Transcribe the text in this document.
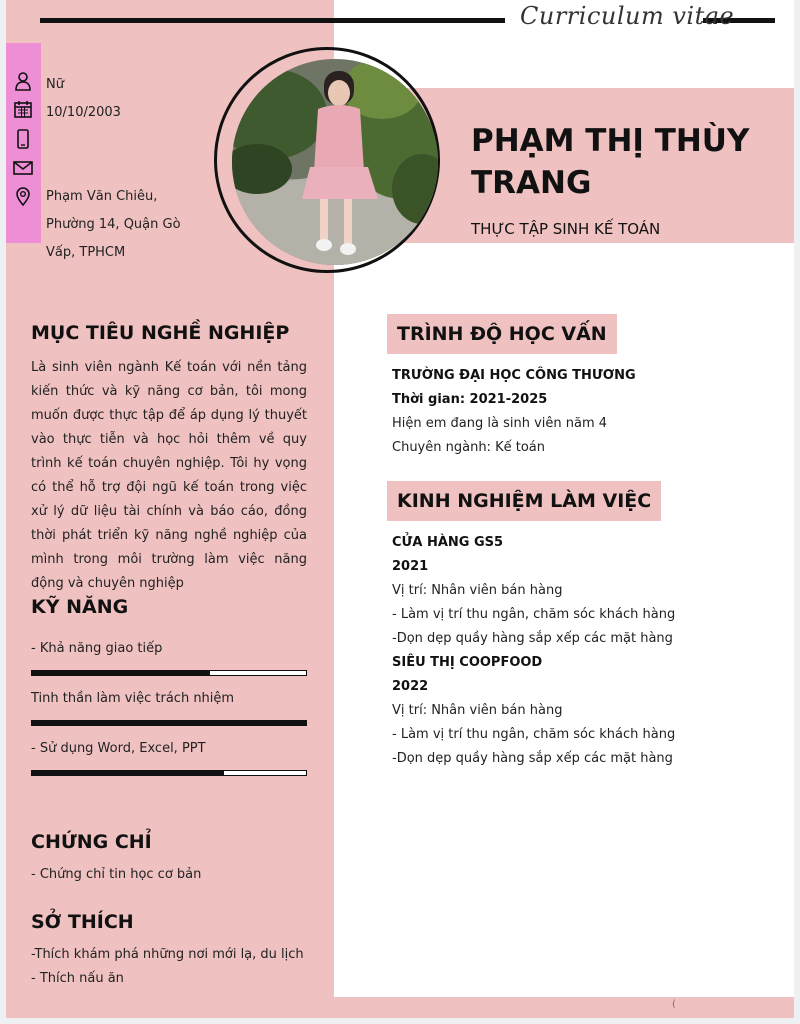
(
Curriculum vitae
Nữ
10/10/2003
Phạm Văn Chiêu, Phường 14, Quận Gò Vấp, TPHCM
PHẠM THỊ THÙY TRANG
THỰC TẬP SINH KẾ TOÁN
MỤC TIÊU NGHỀ NGHIỆP
Là sinh viên ngành Kế toán với nền tảng kiến thức và kỹ năng cơ bản, tôi mong muốn được thực tập để áp dụng lý thuyết vào thực tiễn và học hỏi thêm về quy trình kế toán chuyên nghiệp. Tôi hy vọng có thể hỗ trợ đội ngũ kế toán trong việc xử lý dữ liệu tài chính và báo cáo, đồng thời phát triển kỹ năng nghề nghiệp của mình trong môi trường làm việc năng động và chuyên nghiệp
KỸ NĂNG
- Khả năng giao tiếp
Tinh thần làm việc trách nhiệm
- Sử dụng Word, Excel, PPT
CHỨNG CHỈ
- Chứng chỉ tin học cơ bản
SỞ THÍCH
-Thích khám phá những nơi mới lạ, du lịch
- Thích nấu ăn
TRÌNH ĐỘ HỌC VẤN
TRƯỜNG ĐẠI HỌC CÔNG THƯƠNG
Thời gian: 2021-2025
Hiện em đang là sinh viên năm 4
Chuyên ngành: Kế toán
KINH NGHIỆM LÀM VIỆC
CỬA HÀNG GS5
2021
Vị trí: Nhân viên bán hàng
- Làm vị trí thu ngân, chăm sóc khách hàng
-Dọn dẹp quầy hàng sắp xếp các mặt hàng
SIÊU THỊ COOPFOOD
2022
Vị trí: Nhân viên bán hàng
- Làm vị trí thu ngân, chăm sóc khách hàng
-Dọn dẹp quầy hàng sắp xếp các mặt hàng
